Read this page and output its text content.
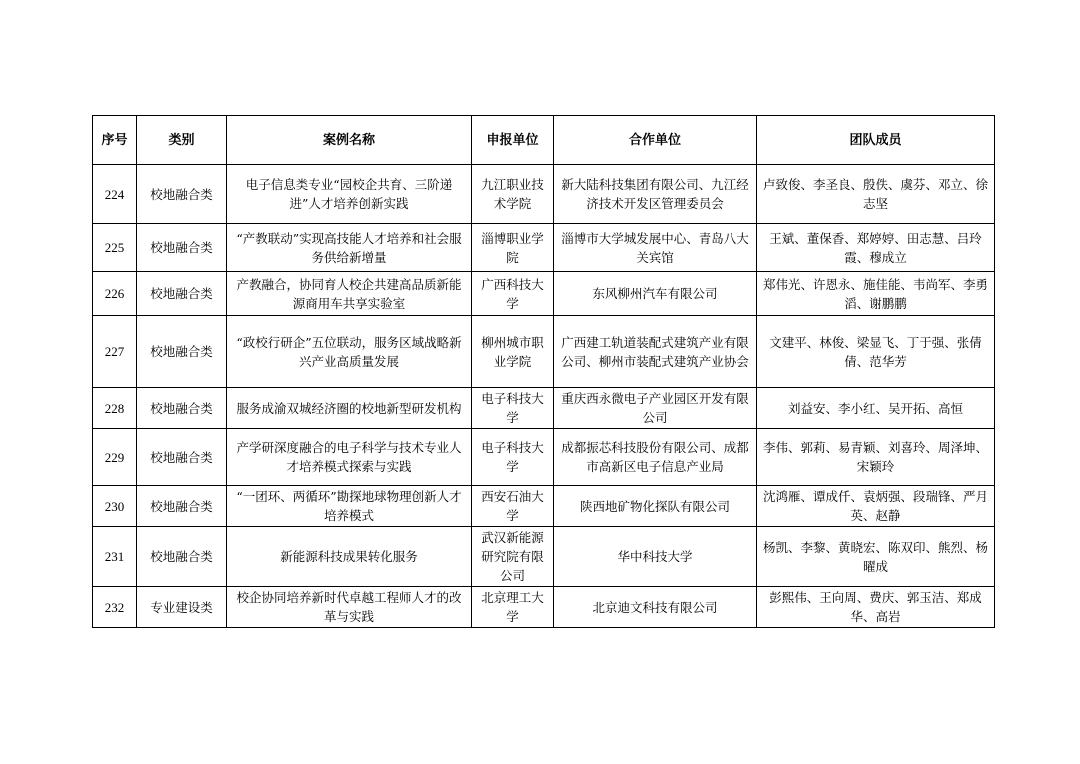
序号	类别	案例名称	申报单位	合作单位	团队成员
224	校地融合类	电子信息类专业“园校企共育、三阶递进”人才培养创新实践	九江职业技术学院	新大陆科技集团有限公司、九江经济技术开发区管理委员会	卢致俊、李圣良、殷佚、虞芬、邓立、徐志坚
225	校地融合类	“产教联动”实现高技能人才培养和社会服务供给新增量	淄博职业学院	淄博市大学城发展中心、青岛八大关宾馆	王斌、董保香、郑婷婷、田志慧、吕玲霞、穆成立
226	校地融合类	产教融合，协同育人校企共建高品质新能源商用车共享实验室	广西科技大学	东风柳州汽车有限公司	郑伟光、许恩永、施佳能、韦尚军、李勇滔、谢鹏鹏
227	校地融合类	“政校行研企”五位联动，服务区域战略新兴产业高质量发展	柳州城市职业学院	广西建工轨道装配式建筑产业有限公司、柳州市装配式建筑产业协会	文建平、林俊、梁显飞、丁于强、张倩倩、范华芳
228	校地融合类	服务成渝双城经济圈的校地新型研发机构	电子科技大学	重庆西永微电子产业园区开发有限公司	刘益安、李小红、吴开拓、高恒
229	校地融合类	产学研深度融合的电子科学与技术专业人才培养模式探索与实践	电子科技大学	成都振芯科技股份有限公司、成都市高新区电子信息产业局	李伟、郭莉、易青颖、刘喜玲、周泽坤、宋颖玲
230	校地融合类	“一团环、两循环”勘探地球物理创新人才培养模式	西安石油大学	陕西地矿物化探队有限公司	沈鸿雁、谭成仟、袁炳强、段瑞锋、严月英、赵静
231	校地融合类	新能源科技成果转化服务	武汉新能源研究院有限公司	华中科技大学	杨凯、李黎、黄晓宏、陈双印、熊烈、杨曜成
232	专业建设类	校企协同培养新时代卓越工程师人才的改革与实践	北京理工大学	北京迪文科技有限公司	彭熙伟、王向周、费庆、郭玉洁、郑成华、高岩
